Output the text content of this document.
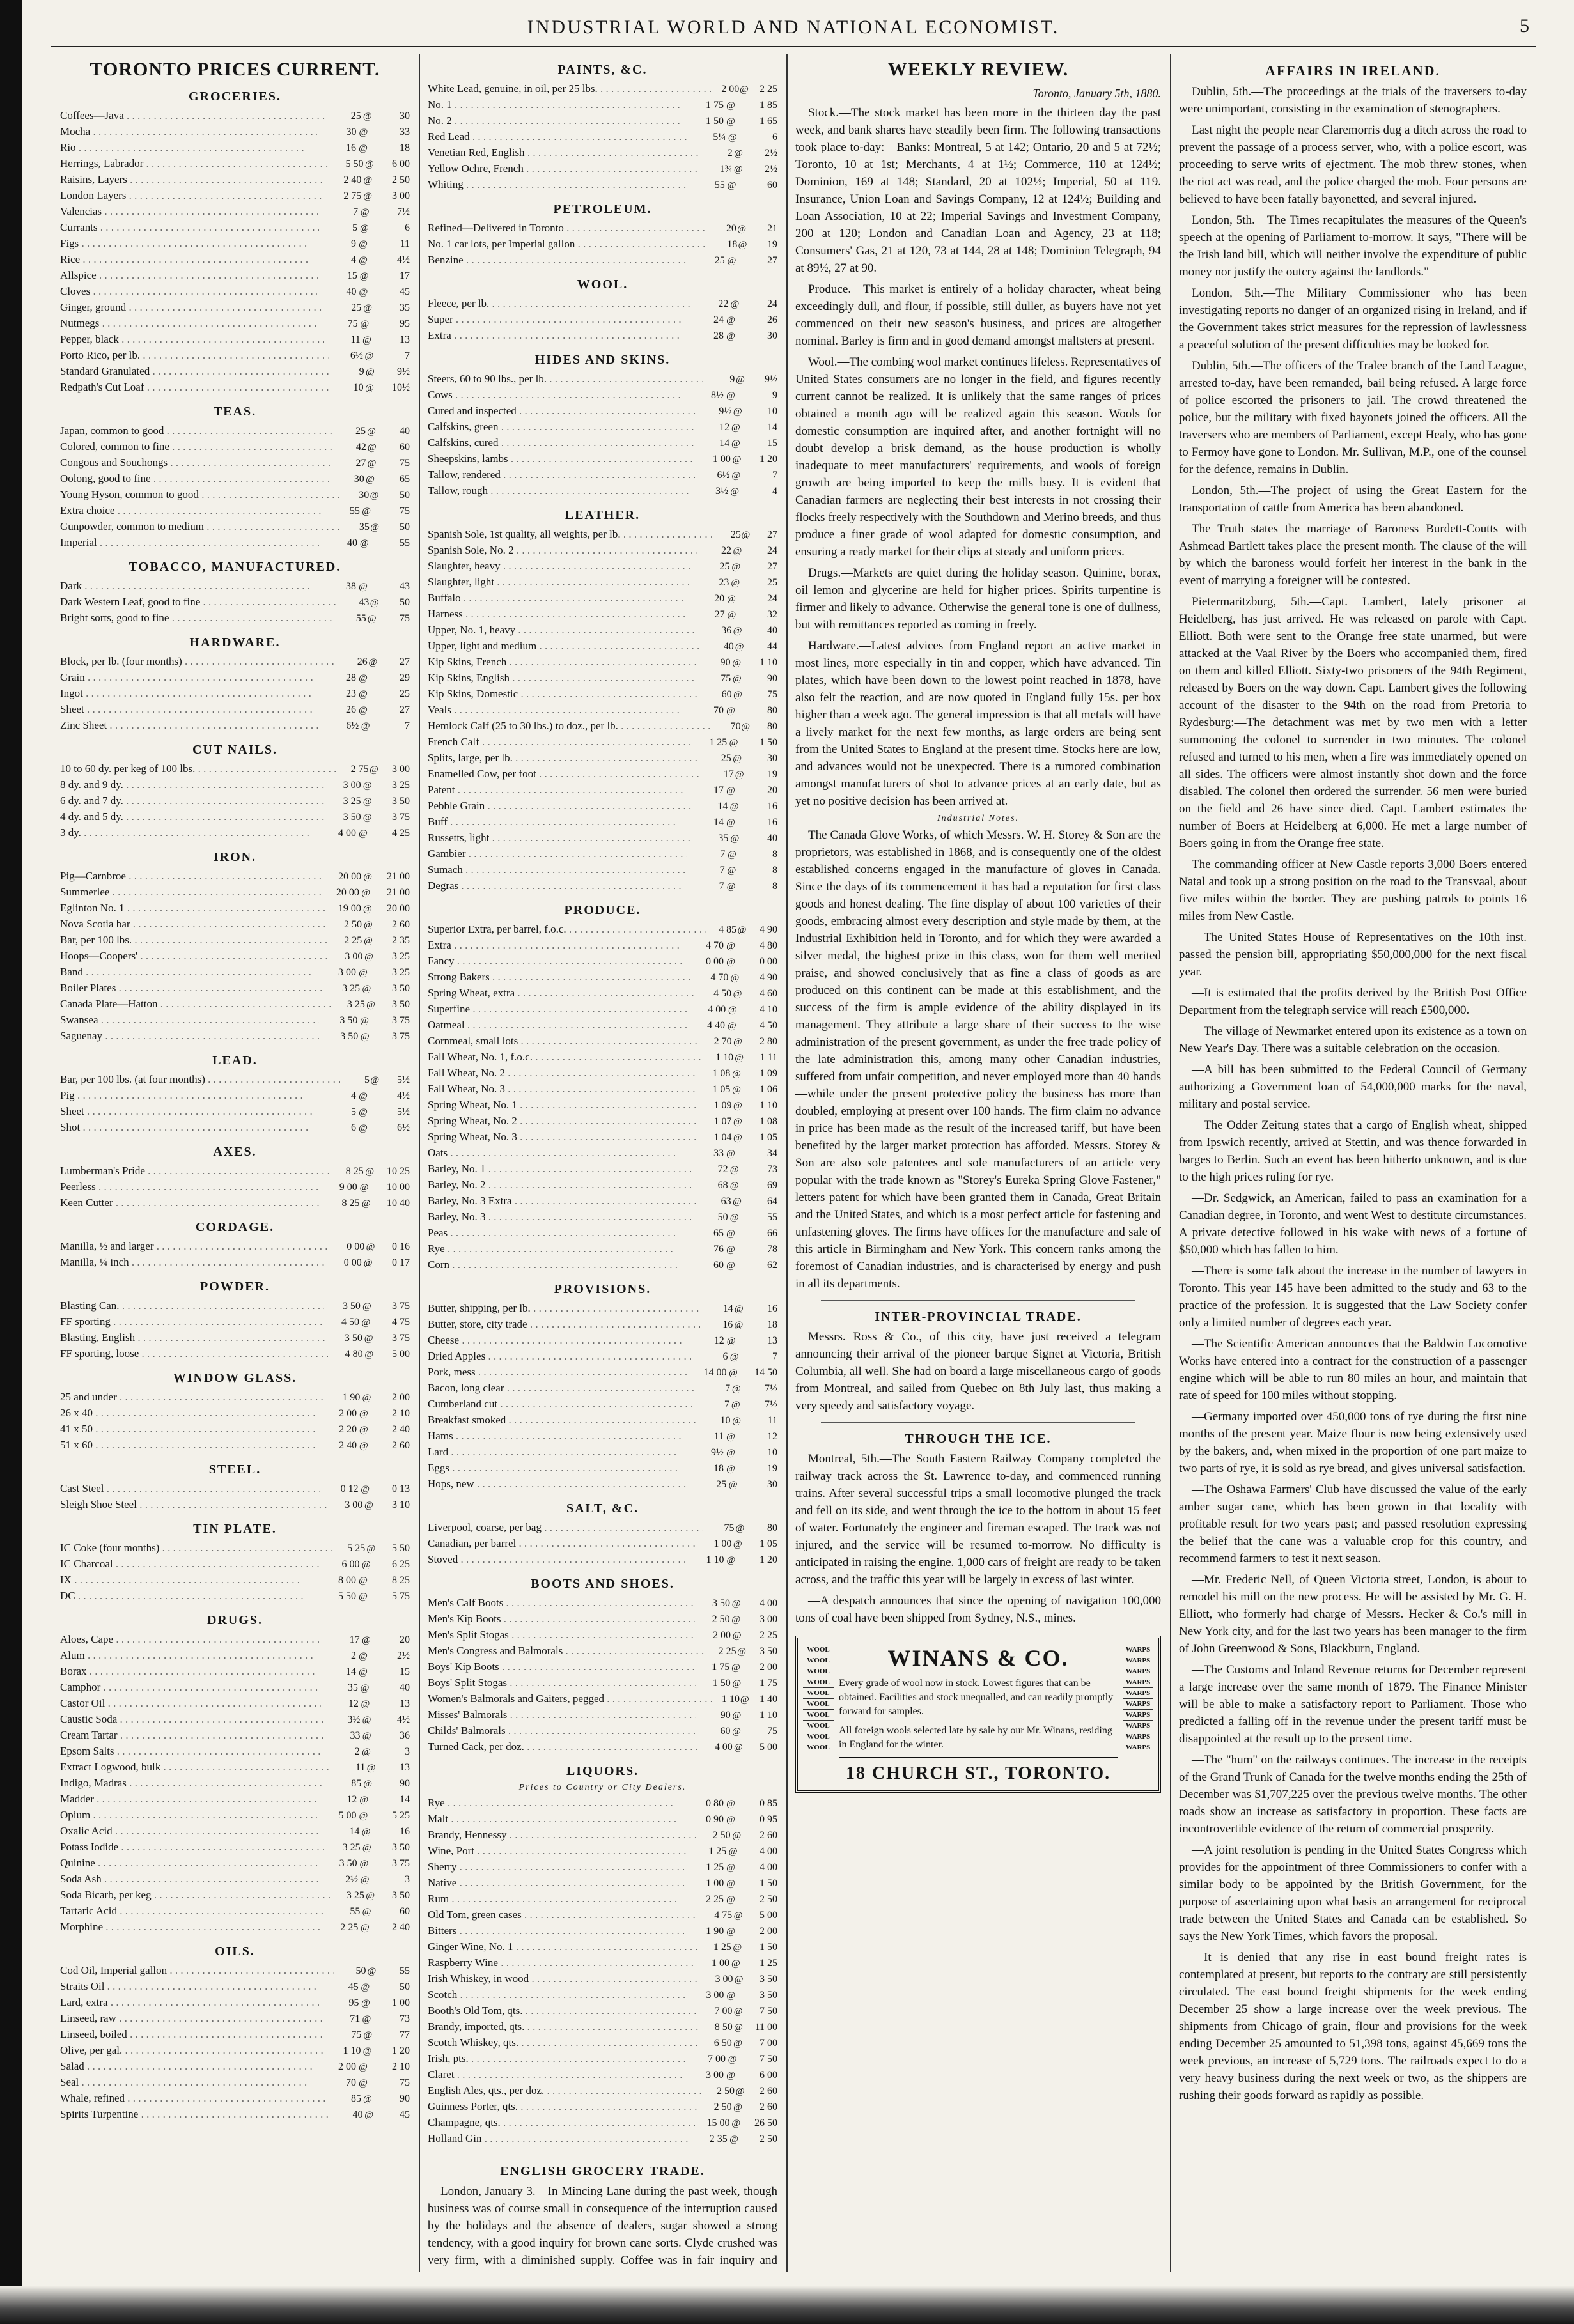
INDUSTRIAL WORLD AND NATIONAL ECONOMIST.	5
TORONTO PRICES CURRENT.
GROCERIES.
Coffees—Java . . .	25 @	30
Mocha . . .	30 @	33
Rio . . .	16 @	18
Herrings, Labrador . . .	5 50 @	6 00
Raisins, Layers . . .	2 40 @	2 50
London Layers . . .	2 75 @	3 00
Valencias . . .	7 @	7½
Currants . . .	5 @	6
Figs . . .	9 @	11
Rice . . .	4 @	4½
Allspice . . .	15 @	17
Cloves . . .	40 @	45
Ginger, ground . . .	25 @	35
Nutmegs . . .	75 @	95
Pepper, black . . .	11 @	13
Porto Rico, per lb. . . .	6½ @	7
Standard Granulated . . .	9 @	9½
Redpath's Cut Loaf . . .	10 @	10½
TEAS.
Japan, common to good . . .	25 @	40
Colored, common to fine . . .	42 @	60
Congous and Souchongs . . .	27 @	75
Oolong, good to fine . . .	30 @	65
Young Hyson, common to good . . .	30 @	50
Extra choice . . .	55 @	75
Gunpowder, common to medium . . .	35 @	50
Imperial . . .	40 @	55
TOBACCO, MANUFACTURED.
Dark . . .	38 @	43
Dark Western Leaf, good to fine . . .	43 @	50
Bright sorts, good to fine . . .	55 @	75
HARDWARE.
Block, per lb. (four months) . . .	26 @	27
Grain . . .	28 @	29
Ingot . . .	23 @	25
Sheet . . .	26 @	27
Zinc Sheet . . .	6½ @	7
CUT NAILS.
10 to 60 dy. per keg of 100 lbs. . . .	2 75 @	3 00
8 dy. and 9 dy. . . .	3 00 @	3 25
6 dy. and 7 dy. . . .	3 25 @	3 50
4 dy. and 5 dy. . . .	3 50 @	3 75
3 dy. . . .	4 00 @	4 25
IRON.
Pig—Carnbroe . . .	20 00 @	21 00
Summerlee . . .	20 00 @	21 00
Eglinton No. 1 . . .	19 00 @	20 00
Nova Scotia bar . . .	2 50 @	2 60
Bar, per 100 lbs. . . .	2 25 @	2 35
Hoops—Coopers' . . .	3 00 @	3 25
Band . . .	3 00 @	3 25
Boiler Plates . . .	3 25 @	3 50
Canada Plate—Hatton . . .	3 25 @	3 50
Swansea . . .	3 50 @	3 75
Saguenay . . .	3 50 @	3 75
LEAD.
Bar, per 100 lbs. (at four months) . . .	5 @	5½
Pig . . .	4 @	4½
Sheet . . .	5 @	5½
Shot . . .	6 @	6½
AXES.
Lumberman's Pride . . .	8 25 @	10 25
Peerless . . .	9 00 @	10 00
Keen Cutter . . .	8 25 @	10 40
CORDAGE.
Manilla, ½ and larger . . .	0 00 @	0 16
Manilla, ¼ inch . . .	0 00 @	0 17
POWDER.
Blasting Can. . . .	3 50 @	3 75
FF sporting . . .	4 50 @	4 75
Blasting, English . . .	3 50 @	3 75
FF sporting, loose . . .	4 80 @	5 00
WINDOW GLASS.
25 and under . . .	1 90 @	2 00
26 x 40 . . .	2 00 @	2 10
41 x 50 . . .	2 20 @	2 40
51 x 60 . . .	2 40 @	2 60
STEEL.
Cast Steel . . .	0 12 @	0 13
Sleigh Shoe Steel . . .	3 00 @	3 10
TIN PLATE.
IC Coke (four months) . . .	5 25 @	5 50
IC Charcoal . . .	6 00 @	6 25
IX . . .	8 00 @	8 25
DC . . .	5 50 @	5 75
DRUGS.
Aloes, Cape . . .	17 @	20
Alum . . .	2 @	2½
Borax . . .	14 @	15
Camphor . . .	35 @	40
Castor Oil . . .	12 @	13
Caustic Soda . . .	3½ @	4½
Cream Tartar . . .	33 @	36
Epsom Salts . . .	2 @	3
Extract Logwood, bulk . . .	11 @	13
Indigo, Madras . . .	85 @	90
Madder . . .	12 @	14
Opium . . .	5 00 @	5 25
Oxalic Acid . . .	14 @	16
Potass Iodide . . .	3 25 @	3 50
Quinine . . .	3 50 @	3 75
Soda Ash . . .	2½ @	3
Soda Bicarb, per keg . . .	3 25 @	3 50
Tartaric Acid . . .	55 @	60
Morphine . . .	2 25 @	2 40
OILS.
Cod Oil, Imperial gallon . . .	50 @	55
Straits Oil . . .	45 @	50
Lard, extra . . .	95 @	1 00
Linseed, raw . . .	71 @	73
Linseed, boiled . . .	75 @	77
Olive, per gal. . . .	1 10 @	1 20
Salad . . .	2 00 @	2 10
Seal . . .	70 @	75
Whale, refined . . .	85 @	90
Spirits Turpentine . . .	40 @	45
PAINTS, &C.
White Lead, genuine, in oil, per 25 lbs. . . .	2 00 @	2 25
No. 1 . . .	1 75 @	1 85
No. 2 . . .	1 50 @	1 65
Red Lead . . .	5¼ @	6
Venetian Red, English . . .	2 @	2½
Yellow Ochre, French . . .	1¾ @	2½
Whiting . . .	55 @	60
PETROLEUM.
Refined—Delivered in Toronto . . .	20 @	21
No. 1 car lots, per Imperial gallon . . .	18 @	19
Benzine . . .	25 @	27
WOOL.
Fleece, per lb. . . .	22 @	24
Super . . .	24 @	26
Extra . . .	28 @	30
HIDES AND SKINS.
Steers, 60 to 90 lbs., per lb. . . .	9 @	9½
Cows . . .	8½ @	9
Cured and inspected . . .	9½ @	10
Calfskins, green . . .	12 @	14
Calfskins, cured . . .	14 @	15
Sheepskins, lambs . . .	1 00 @	1 20
Tallow, rendered . . .	6½ @	7
Tallow, rough . . .	3½ @	4
LEATHER.
Spanish Sole, 1st quality, all weights, per lb. . . .	25 @	27
Spanish Sole, No. 2 . . .	22 @	24
Slaughter, heavy . . .	25 @	27
Slaughter, light . . .	23 @	25
Buffalo . . .	20 @	24
Harness . . .	27 @	32
Upper, No. 1, heavy . . .	36 @	40
Upper, light and medium . . .	40 @	44
Kip Skins, French . . .	90 @	1 10
Kip Skins, English . . .	75 @	90
Kip Skins, Domestic . . .	60 @	75
Veals . . .	70 @	80
Hemlock Calf (25 to 30 lbs.) to doz., per lb. . . .	70 @	80
French Calf . . .	1 25 @	1 50
Splits, large, per lb. . . .	25 @	30
Enamelled Cow, per foot . . .	17 @	19
Patent . . .	17 @	20
Pebble Grain . . .	14 @	16
Buff . . .	14 @	16
Russetts, light . . .	35 @	40
Gambier . . .	7 @	8
Sumach . . .	7 @	8
Degras . . .	7 @	8
PRODUCE.
Superior Extra, per barrel, f.o.c. . . .	4 85 @	4 90
Extra . . .	4 70 @	4 80
Fancy . . .	0 00 @	0 00
Strong Bakers . . .	4 70 @	4 90
Spring Wheat, extra . . .	4 50 @	4 60
Superfine . . .	4 00 @	4 10
Oatmeal . . .	4 40 @	4 50
Cornmeal, small lots . . .	2 70 @	2 80
Fall Wheat, No. 1, f.o.c. . . .	1 10 @	1 11
Fall Wheat, No. 2 . . .	1 08 @	1 09
Fall Wheat, No. 3 . . .	1 05 @	1 06
Spring Wheat, No. 1 . . .	1 09 @	1 10
Spring Wheat, No. 2 . . .	1 07 @	1 08
Spring Wheat, No. 3 . . .	1 04 @	1 05
Oats . . .	33 @	34
Barley, No. 1 . . .	72 @	73
Barley, No. 2 . . .	68 @	69
Barley, No. 3 Extra . . .	63 @	64
Barley, No. 3 . . .	50 @	55
Peas . . .	65 @	66
Rye . . .	76 @	78
Corn . . .	60 @	62
PROVISIONS.
Butter, shipping, per lb. . . .	14 @	16
Butter, store, city trade . . .	16 @	18
Cheese . . .	12 @	13
Dried Apples . . .	6 @	7
Pork, mess . . .	14 00 @	14 50
Bacon, long clear . . .	7 @	7½
Cumberland cut . . .	7 @	7½
Breakfast smoked . . .	10 @	11
Hams . . .	11 @	12
Lard . . .	9½ @	10
Eggs . . .	18 @	19
Hops, new . . .	25 @	30
SALT, &C.
Liverpool, coarse, per bag . . .	75 @	80
Canadian, per barrel . . .	1 00 @	1 05
Stoved . . .	1 10 @	1 20
BOOTS AND SHOES.
Men's Calf Boots . . .	3 50 @	4 00
Men's Kip Boots . . .	2 50 @	3 00
Men's Split Stogas . . .	2 00 @	2 25
Men's Congress and Balmorals . . .	2 25 @	3 50
Boys' Kip Boots . . .	1 75 @	2 00
Boys' Split Stogas . . .	1 50 @	1 75
Women's Balmorals and Gaiters, pegged . . .	1 10 @	1 40
Misses' Balmorals . . .	90 @	1 10
Childs' Balmorals . . .	60 @	75
Turned Cack, per doz. . . .	4 00 @	5 00
LIQUORS.
Prices to Country or City Dealers.
Rye . . .	0 80 @	0 85
Malt . . .	0 90 @	0 95
Brandy, Hennessy . . .	2 50 @	2 60
Wine, Port . . .	1 25 @	4 00
Sherry . . .	1 25 @	4 00
Native . . .	1 00 @	1 50
Rum . . .	2 25 @	2 50
Old Tom, green cases . . .	4 75 @	5 00
Bitters . . .	1 90 @	2 00
Ginger Wine, No. 1 . . .	1 25 @	1 50
Raspberry Wine . . .	1 00 @	1 25
Irish Whiskey, in wood . . .	3 00 @	3 50
Scotch . . .	3 00 @	3 50
Booth's Old Tom, qts. . . .	7 00 @	7 50
Brandy, imported, qts. . . .	8 50 @	11 00
Scotch Whiskey, qts. . . .	6 50 @	7 00
Irish, pts. . . .	7 00 @	7 50
Claret . . .	3 00 @	6 00
English Ales, qts., per doz. . . .	2 50 @	2 60
Guinness Porter, qts. . . .	2 50 @	2 60
Champagne, qts. . . .	15 00 @	26 50
Holland Gin . . .	2 35 @	2 50
ENGLISH GROCERY TRADE.

London, January 3.—In Mincing Lane during the past week, though business was of course small in consequence of the interruption caused by the holidays and the absence of dealers, sugar showed a strong tendency, with a good inquiry for brown cane sorts. Clyde crushed was very firm, with a diminished supply. Coffee was in fair inquiry and

WEEKLY REVIEW.
Toronto, January 5th, 1880.

Stock.—The stock market has been more in the thirteen day the past week, and bank shares have steadily been firm. The following transactions took place to-day:—Banks: Montreal, 5 at 142; Ontario, 20 and 5 at 72½; Toronto, 10 at 1st; Merchants, 4 at 1½; Commerce, 110 at 124½; Dominion, 169 at 148; Standard, 20 at 102½; Imperial, 50 at 119. Insurance, Union Loan and Savings Company, 12 at 124½; Building and Loan Association, 10 at 22; Imperial Savings and Investment Company, 200 at 120; London and Canadian Loan and Agency, 23 at 118; Consumers' Gas, 21 at 120, 73 at 144, 28 at 148; Dominion Telegraph, 94 at 89½, 27 at 90.

Produce.—This market is entirely of a holiday character, wheat being exceedingly dull, and flour, if possible, still duller, as buyers have not yet commenced on their new season's business, and prices are altogether nominal. Barley is firm and in good demand amongst maltsters at present.

Wool.—The combing wool market continues lifeless. Representatives of United States consumers are no longer in the field, and figures recently current cannot be realized. It is unlikely that the same ranges of prices obtained a month ago will be realized again this season. Wools for domestic consumption are inquired after, and another fortnight will no doubt develop a brisk demand, as the house production is wholly inadequate to meet manufacturers' requirements, and wools of foreign growth are being imported to keep the mills busy. It is evident that Canadian farmers are neglecting their best interests in not crossing their flocks freely respectively with the Southdown and Merino breeds, and thus produce a finer grade of wool adapted for domestic consumption, and ensuring a ready market for their clips at steady and uniform prices.

Drugs.—Markets are quiet during the holiday season. Quinine, borax, oil lemon and glycerine are held for higher prices. Spirits turpentine is firmer and likely to advance. Otherwise the general tone is one of dullness, but with remittances reported as coming in freely.

Hardware.—Latest advices from England report an active market in most lines, more especially in tin and copper, which have advanced. Tin plates, which have been down to the lowest point reached in 1878, have also felt the reaction, and are now quoted in England fully 15s. per box higher than a week ago. The general impression is that all metals will have a lively market for the next few months, as large orders are being sent from the United States to England at the present time. Stocks here are low, and advances would not be unexpected. There is a rumored combination amongst manufacturers of shot to advance prices at an early date, but as yet no positive decision has been arrived at.

Industrial Notes.

The Canada Glove Works, of which Messrs. W. H. Storey & Son are the proprietors, was established in 1868, and is consequently one of the oldest established concerns engaged in the manufacture of gloves in Canada. Since the days of its commencement it has had a reputation for first class goods and honest dealing. The fine display of about 100 varieties of their goods, embracing almost every description and style made by them, at the Industrial Exhibition held in Toronto, and for which they were awarded a silver medal, the highest prize in this class, won for them well merited praise, and showed conclusively that as fine a class of goods as are produced on this continent can be made at this establishment, and the success of the firm is ample evidence of the ability displayed in its management. They attribute a large share of their success to the wise administration of the present government, as under the free trade policy of the late administration this, among many other Canadian industries, suffered from unfair competition, and never employed more than 40 hands—while under the present protective policy the business has more than doubled, employing at present over 100 hands. The firm claim no advance in price has been made as the result of the increased tariff, but have been benefited by the larger market protection has afforded. Messrs. Storey & Son are also sole patentees and sole manufacturers of an article very popular with the trade known as "Storey's Eureka Spring Glove Fastener," letters patent for which have been granted them in Canada, Great Britain and the United States, and which is a most perfect article for fastening and unfastening gloves. The firms have offices for the manufacture and sale of this article in Birmingham and New York. This concern ranks among the foremost of Canadian industries, and is characterised by energy and push in all its departments.

INTER-PROVINCIAL TRADE.

Messrs. Ross & Co., of this city, have just received a telegram announcing their arrival of the pioneer barque Signet at Victoria, British Columbia, all well. She had on board a large miscellaneous cargo of goods from Montreal, and sailed from Quebec on 8th July last, thus making a very speedy and satisfactory voyage.

THROUGH THE ICE.

Montreal, 5th.—The South Eastern Railway Company completed the railway track across the St. Lawrence to-day, and commenced running trains. After several successful trips a small locomotive plunged the track and fell on its side, and went through the ice to the bottom in about 15 feet of water. Fortunately the engineer and fireman escaped. The track was not injured, and the service will be resumed to-morrow. No difficulty is anticipated in raising the engine. 1,000 cars of freight are ready to be taken across, and the traffic this year will be largely in excess of last winter.

—A despatch announces that since the opening of navigation 100,000 tons of coal have been shipped from Sydney, N.S., mines.

WOOL
WOOL
WOOL
WOOL
WOOL
WOOL
WOOL
WOOL
WOOL
WOOL
WINANS & CO.

Every grade of wool now in stock. Lowest figures that can be obtained. Facilities and stock unequalled, and can readily promptly forward for samples.

All foreign wools selected late by sale by our Mr. Winans, residing in England for the winter.

18 CHURCH ST., TORONTO.
WARPS
WARPS
WARPS
WARPS
WARPS
WARPS
WARPS
WARPS
WARPS
WARPS
AFFAIRS IN IRELAND.

Dublin, 5th.—The proceedings at the trials of the traversers to-day were unimportant, consisting in the examination of stenographers.

Last night the people near Claremorris dug a ditch across the road to prevent the passage of a process server, who, with a police escort, was proceeding to serve writs of ejectment. The mob threw stones, when the riot act was read, and the police charged the mob. Four persons are believed to have been fatally bayonetted, and several injured.

London, 5th.—The Times recapitulates the measures of the Queen's speech at the opening of Parliament to-morrow. It says, "There will be the Irish land bill, which will neither involve the expenditure of public money nor justify the outcry against the landlords."

London, 5th.—The Military Commissioner who has been investigating reports no danger of an organized rising in Ireland, and if the Government takes strict measures for the repression of lawlessness a peaceful solution of the present difficulties may be looked for.

Dublin, 5th.—The officers of the Tralee branch of the Land League, arrested to-day, have been remanded, bail being refused. A large force of police escorted the prisoners to jail. The crowd threatened the police, but the military with fixed bayonets joined the officers. All the traversers who are members of Parliament, except Healy, who has gone to Fermoy have gone to London. Mr. Sullivan, M.P., one of the counsel for the defence, remains in Dublin.

London, 5th.—The project of using the Great Eastern for the transportation of cattle from America has been abandoned.

The Truth states the marriage of Baroness Burdett-Coutts with Ashmead Bartlett takes place the present month. The clause of the will by which the baroness would forfeit her interest in the bank in the event of marrying a foreigner will be contested.

Pietermaritzburg, 5th.—Capt. Lambert, lately prisoner at Heidelberg, has just arrived. He was released on parole with Capt. Elliott. Both were sent to the Orange free state unarmed, but were attacked at the Vaal River by the Boers who accompanied them, fired on them and killed Elliott. Sixty-two prisoners of the 94th Regiment, released by Boers on the way down. Capt. Lambert gives the following account of the disaster to the 94th on the road from Pretoria to Rydesburg:—The detachment was met by two men with a letter summoning the colonel to surrender in two minutes. The colonel refused and turned to his men, when a fire was immediately opened on all sides. The officers were almost instantly shot down and the force disabled. The colonel then ordered the surrender. 56 men were buried on the field and 26 have since died. Capt. Lambert estimates the number of Boers at Heidelberg at 6,000. He met a large number of Boers going in from the Orange free state.

The commanding officer at New Castle reports 3,000 Boers entered Natal and took up a strong position on the road to the Transvaal, about five miles within the border. They are pushing patrols to points 16 miles from New Castle.

—The United States House of Representatives on the 10th inst. passed the pension bill, appropriating $50,000,000 for the next fiscal year.

—It is estimated that the profits derived by the British Post Office Department from the telegraph service will reach £500,000.

—The village of Newmarket entered upon its existence as a town on New Year's Day. There was a suitable celebration on the occasion.

—A bill has been submitted to the Federal Council of Germany authorizing a Government loan of 54,000,000 marks for the naval, military and postal service.

—The Odder Zeitung states that a cargo of English wheat, shipped from Ipswich recently, arrived at Stettin, and was thence forwarded in barges to Berlin. Such an event has been hitherto unknown, and is due to the high prices ruling for rye.

—Dr. Sedgwick, an American, failed to pass an examination for a Canadian degree, in Toronto, and went West to destitute circumstances. A private detective followed in his wake with news of a fortune of $50,000 which has fallen to him.

—There is some talk about the increase in the number of lawyers in Toronto. This year 145 have been admitted to the study and 63 to the practice of the profession. It is suggested that the Law Society confer only a limited number of degrees each year.

—The Scientific American announces that the Baldwin Locomotive Works have entered into a contract for the construction of a passenger engine which will be able to run 80 miles an hour, and maintain that rate of speed for 100 miles without stopping.

—Germany imported over 450,000 tons of rye during the first nine months of the present year. Maize flour is now being extensively used by the bakers, and, when mixed in the proportion of one part maize to two parts of rye, it is sold as rye bread, and gives universal satisfaction.

—The Oshawa Farmers' Club have discussed the value of the early amber sugar cane, which has been grown in that locality with profitable result for two years past; and passed resolution expressing the belief that the cane was a valuable crop for this country, and recommend farmers to test it next season.

—Mr. Frederic Nell, of Queen Victoria street, London, is about to remodel his mill on the new process. He will be assisted by Mr. G. H. Elliott, who formerly had charge of Messrs. Hecker & Co.'s mill in New York city, and for the last two years has been manager to the firm of John Greenwood & Sons, Blackburn, England.

—The Customs and Inland Revenue returns for December represent a large increase over the same month of 1879. The Finance Minister will be able to make a satisfactory report to Parliament. Those who predicted a falling off in the revenue under the present tariff must be disappointed at the result up to the present time.

—The "hum" on the railways continues. The increase in the receipts of the Grand Trunk of Canada for the twelve months ending the 25th of December was $1,707,225 over the previous twelve months. The other roads show an increase as satisfactory in proportion. These facts are incontrovertible evidence of the return of commercial prosperity.

—A joint resolution is pending in the United States Congress which provides for the appointment of three Commissioners to confer with a similar body to be appointed by the British Government, for the purpose of ascertaining upon what basis an arrangement for reciprocal trade between the United States and Canada can be established. So says the New York Times, which favors the proposal.

—It is denied that any rise in east bound freight rates is contemplated at present, but reports to the contrary are still persistently circulated. The east bound freight shipments for the week ending December 25 show a large increase over the week previous. The shipments from Chicago of grain, flour and provisions for the week ending December 25 amounted to 51,398 tons, against 45,669 tons the week previous, an increase of 5,729 tons. The railroads expect to do a very heavy business during the next week or two, as the shippers are rushing their goods forward as rapidly as possible.
